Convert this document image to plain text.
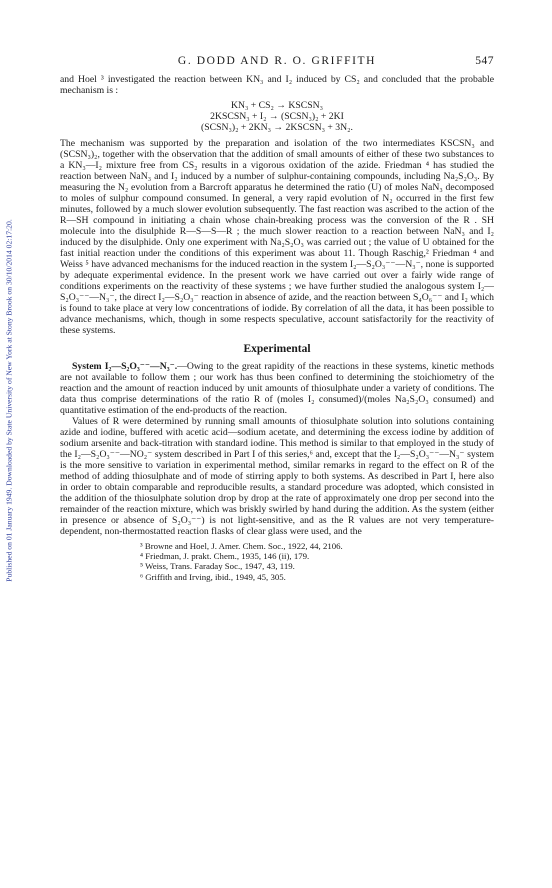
Published on 01 January 1949. Downloaded by State University of New York at Stony Brook on 30/10/2014 02:17:20.
G. DODD AND R. O. GRIFFITH	547

and Hoel ³ investigated the reaction between KN₃ and I₂ induced by CS₂ and concluded that the probable mechanism is :

KN₃ + CS₂ → KSCSN₃
2KSCSN₃ + I₂ → (SCSN₃)₂ + 2KI
(SCSN₃)₂ + 2KN₃ → 2KSCSN₃ + 3N₂.

The mechanism was supported by the preparation and isolation of the two intermediates KSCSN₃ and (SCSN₃)₂, together with the observation that the addition of small amounts of either of these two substances to a KN₃—I₂ mixture free from CS₂ results in a vigorous oxidation of the azide. Friedman ⁴ has studied the reaction between NaN₃ and I₂ induced by a number of sulphur-containing compounds, including Na₂S₂O₃. By measuring the N₂ evolution from a Barcroft apparatus he determined the ratio (U) of moles NaN₃ decomposed to moles of sulphur compound consumed. In general, a very rapid evolution of N₂ occurred in the first few minutes, followed by a much slower evolution subsequently. The fast reaction was ascribed to the action of the R—SH compound in initiating a chain whose chain-breaking process was the conversion of the R . SH molecule into the disulphide R—S—S—R ; the much slower reaction to a reaction between NaN₃ and I₂ induced by the disulphide. Only one experiment with Na₂S₂O₃ was carried out ; the value of U obtained for the fast initial reaction under the conditions of this experiment was about 11. Though Raschig,² Friedman ⁴ and Weiss ⁵ have advanced mechanisms for the induced reaction in the system I₂—S₂O₃⁻⁻—N₃⁻, none is supported by adequate experimental evidence. In the present work we have carried out over a fairly wide range of conditions experiments on the reactivity of these systems ; we have further studied the analogous system I₂—S₂O₃⁻⁻—N₃⁻, the direct I₂—S₂O₃⁻ reaction in absence of azide, and the reaction between S₄O₆⁻⁻ and I₂ which is found to take place at very low concentrations of iodide. By correlation of all the data, it has been possible to advance mechanisms, which, though in some respects speculative, account satisfactorily for the reactivity of these systems.

Experimental

System I₂—S₂O₃⁻⁻—N₃⁻.—Owing to the great rapidity of the reactions in these systems, kinetic methods are not available to follow them ; our work has thus been confined to determining the stoichiometry of the reaction and the amount of reaction induced by unit amounts of thiosulphate under a variety of conditions. The data thus comprise determinations of the ratio R of (moles I₂ consumed)/(moles Na₂S₂O₃ consumed) and quantitative estimation of the end-products of the reaction.

Values of R were determined by running small amounts of thiosulphate solution into solutions containing azide and iodine, buffered with acetic acid—sodium acetate, and determining the excess iodine by addition of sodium arsenite and back-titration with standard iodine. This method is similar to that employed in the study of the I₂—S₂O₃⁻⁻—NO₂⁻ system described in Part I of this series,⁶ and, except that the I₂—S₂O₃⁻⁻—N₃⁻ system is the more sensitive to variation in experimental method, similar remarks in regard to the effect on R of the method of adding thiosulphate and of mode of stirring apply to both systems. As described in Part I, here also in order to obtain comparable and reproducible results, a standard procedure was adopted, which consisted in the addition of the thiosulphate solution drop by drop at the rate of approximately one drop per second into the remainder of the reaction mixture, which was briskly swirled by hand during the addition. As the system (either in presence or absence of S₂O₃⁻⁻) is not light-sensitive, and as the R values are not very temperature-dependent, non-thermostatted reaction flasks of clear glass were used, and the

³ Browne and Hoel, J. Amer. Chem. Soc., 1922, 44, 2106.
⁴ Friedman, J. prakt. Chem., 1935, 146 (ii), 179.
⁵ Weiss, Trans. Faraday Soc., 1947, 43, 119.
⁶ Griffith and Irving, ibid., 1949, 45, 305.
